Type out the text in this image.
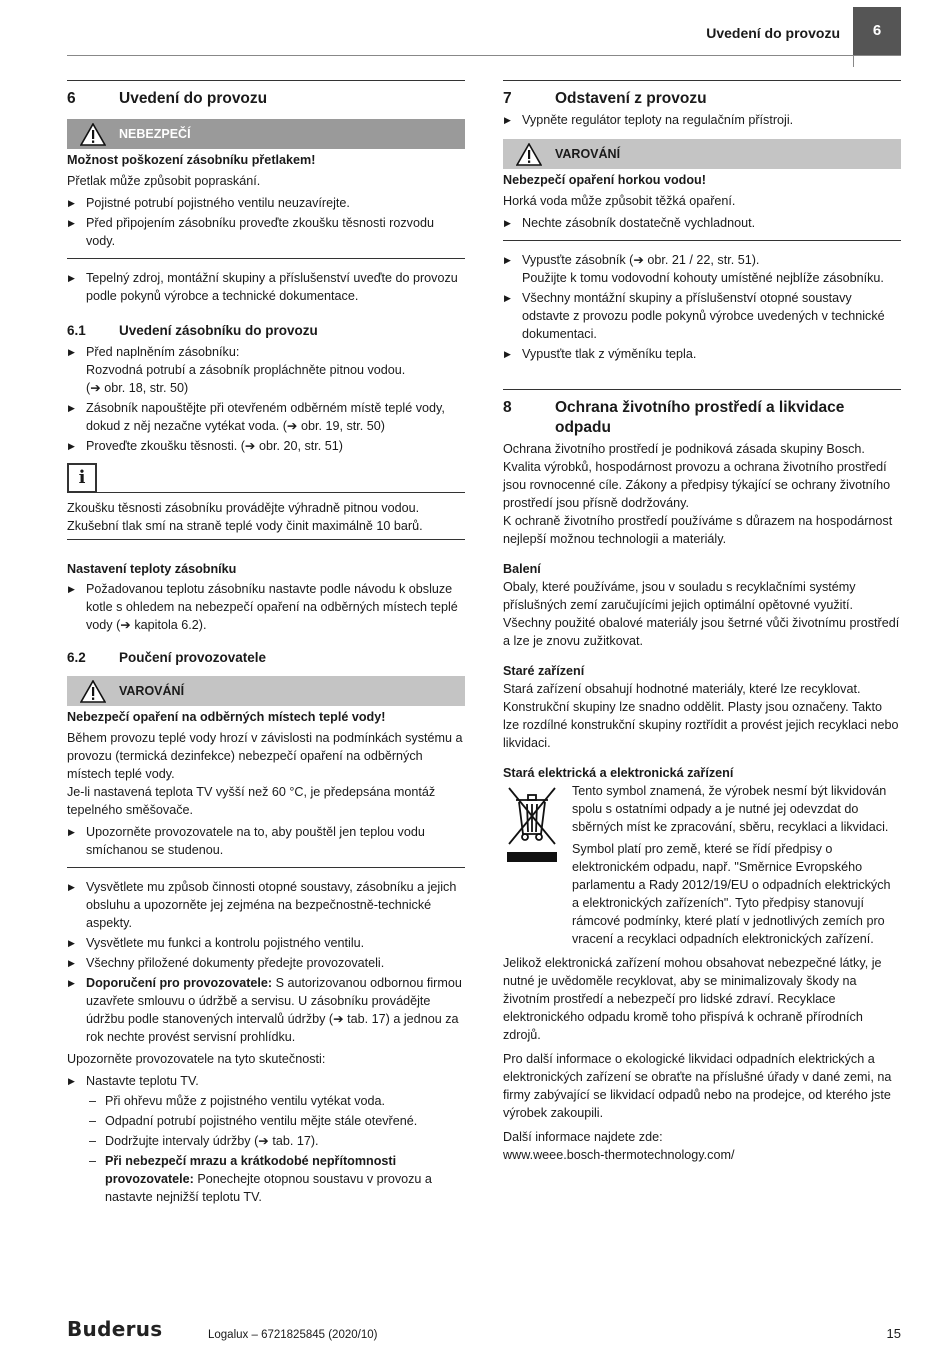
Uvedení do provozu	6
6	Uvedení do provozu
NEBEZPEČÍ

Možnost poškození zásobníku přetlakem!

Přetlak může způsobit popraskání.

▶ Pojistné potrubí pojistného ventilu neuzavírejte.
▶ Před připojením zásobníku proveďte zkoušku těsnosti rozvodu vody.
▶ Tepelný zdroj, montážní skupiny a příslušenství uveďte do provozu podle pokynů výrobce a technické dokumentace.
6.1	Uvedení zásobníku do provozu
▶ Před naplněním zásobníku:
Rozvodná potrubí a zásobník propláchněte pitnou vodou.
(➔ obr. 18, str. 50)
▶ Zásobník napouštějte při otevřeném odběrném místě teplé vody, dokud z něj nezačne vytékat voda. (➔ obr. 19, str. 50)
▶ Proveďte zkoušku těsnosti. (➔ obr. 20, str. 51)
i

Zkoušku těsnosti zásobníku provádějte výhradně pitnou vodou.

Zkušební tlak smí na straně teplé vody činit maximálně 10 barů.

Nastavení teploty zásobníku

▶ Požadovanou teplotu zásobníku nastavte podle návodu k obsluze kotle s ohledem na nebezpečí opaření na odběrných místech teplé vody (➔ kapitola 6.2).
6.2	Poučení provozovatele
VAROVÁNÍ

Nebezpečí opaření na odběrných místech teplé vody!

Během provozu teplé vody hrozí v závislosti na podmínkách systému a provozu (termická dezinfekce) nebezpečí opaření na odběrných místech teplé vody.

Je-li nastavená teplota TV vyšší než 60 °C, je předepsána montáž tepelného směšovače.

▶ Upozorněte provozovatele na to, aby pouštěl jen teplou vodu smíchanou se studenou.
▶ Vysvětlete mu způsob činnosti otopné soustavy, zásobníku a jejich obsluhu a upozorněte jej zejména na bezpečnostně-technické aspekty.
▶ Vysvětlete mu funkci a kontrolu pojistného ventilu.
▶ Všechny přiložené dokumenty předejte provozovateli.
▶ Doporučení pro provozovatele: S autorizovanou odbornou firmou uzavřete smlouvu o údržbě a servisu. U zásobníku provádějte údržbu podle stanovených intervalů údržby (➔ tab. 17) a jednou za rok nechte provést servisní prohlídku.

Upozorněte provozovatele na tyto skutečnosti:

▶ Nastavte teplotu TV.
– Při ohřevu může z pojistného ventilu vytékat voda.
– Odpadní potrubí pojistného ventilu mějte stále otevřené.
– Dodržujte intervaly údržby (➔ tab. 17).
– Při nebezpečí mrazu a krátkodobé nepřítomnosti provozovatele: Ponechejte otopnou soustavu v provozu a nastavte nejnižší teplotu TV.
7	Odstavení z provozu
▶ Vypněte regulátor teploty na regulačním přístroji.
VAROVÁNÍ

Nebezpečí opaření horkou vodou!

Horká voda může způsobit těžká opaření.

▶ Nechte zásobník dostatečně vychladnout.
▶ Vypusťte zásobník (➔ obr. 21 / 22, str. 51).
Použijte k tomu vodovodní kohouty umístěné nejblíže zásobníku.
▶ Všechny montážní skupiny a příslušenství otopné soustavy odstavte z provozu podle pokynů výrobce uvedených v technické dokumentaci.
▶ Vypusťte tlak z výměníku tepla.
8	Ochrana životního prostředí a likvidace odpadu

Ochrana životního prostředí je podniková zásada skupiny Bosch.

Kvalita výrobků, hospodárnost provozu a ochrana životního prostředí jsou rovnocenné cíle. Zákony a předpisy týkající se ochrany životního prostředí jsou přísně dodržovány.

K ochraně životního prostředí používáme s důrazem na hospodárnost nejlepší možnou technologii a materiály.

Balení

Obaly, které používáme, jsou v souladu s recyklačními systémy příslušných zemí zaručujícími jejich optimální opětovné využití.

Všechny použité obalové materiály jsou šetrné vůči životnímu prostředí a lze je znovu zužitkovat.

Staré zařízení

Stará zařízení obsahují hodnotné materiály, které lze recyklovat. Konstrukční skupiny lze snadno oddělit. Plasty jsou označeny. Takto lze rozdílné konstrukční skupiny roztřídit a provést jejich recyklaci nebo likvidaci.

Stará elektrická a elektronická zařízení

Tento symbol znamená, že výrobek nesmí být likvidován spolu s ostatními odpady a je nutné jej odevzdat do sběrných míst ke zpracování, sběru, recyklaci a likvidaci.

Symbol platí pro země, které se řídí předpisy o elektronickém odpadu, např. "Směrnice Evropského parlamentu a Rady 2012/19/EU o odpadních elektrických a elektronických zařízeních". Tyto předpisy stanovují rámcové podmínky, které platí v jednotlivých zemích pro vracení a recyklaci odpadních elektronických zařízení.

Jelikož elektronická zařízení mohou obsahovat nebezpečné látky, je nutné je uvědoměle recyklovat, aby se minimalizovaly škody na životním prostředí a nebezpečí pro lidské zdraví. Recyklace elektronického odpadu kromě toho přispívá k ochraně přírodních zdrojů.

Pro další informace o ekologické likvidaci odpadních elektrických a elektronických zařízení se obraťte na příslušné úřady v dané zemi, na firmy zabývající se likvidací odpadů nebo na prodejce, od kterého jste výrobek zakoupili.

Další informace najdete zde:

www.weee.bosch-thermotechnology.com/

Buderus	Logalux – 6721825845 (2020/10)	15
